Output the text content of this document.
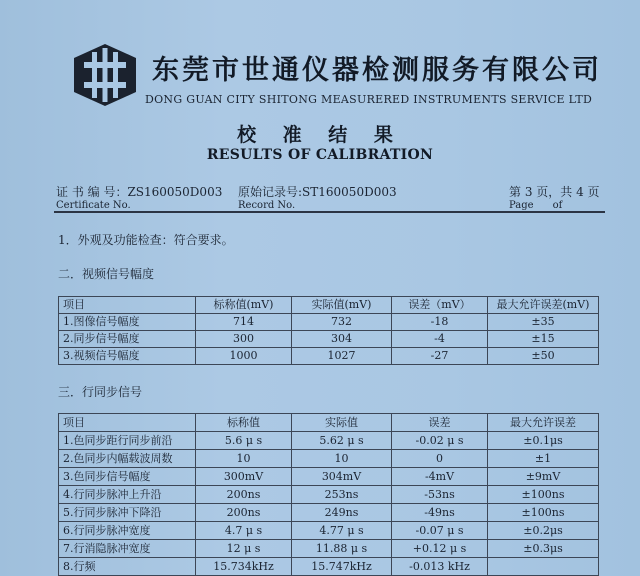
东莞市世通仪器检测服务有限公司
DONG GUAN CITY SHITONG MEASURERED INSTRUMENTS SERVICE LTD
校 准 结 果
RESULTS OF CALIBRATION
证 书 编 号：ZS160050D003
Certificate No.
原始记录号:ST160050D003
Record No.
第 3 页，共 4 页
Page      of
1．外观及功能检查：符合要求。
二．视频信号幅度
项目	标称值(mV)	实际值(mV)	误差（mV）	最大允许误差(mV)
1.图像信号幅度	714	732	-18	±35
2.同步信号幅度	300	304	-4	±15
3.视频信号幅度	1000	1027	-27	±50
三．行同步信号
项目	标称值	实际值	误差	最大允许误差
1.色同步距行同步前沿	5.6 μ s	5.62 μ s	-0.02 μ s	±0.1μs
2.色同步内幅载波周数	10	10	0	±1
3.色同步信号幅度	300mV	304mV	-4mV	±9mV
4.行同步脉冲上升沿	200ns	253ns	-53ns	±100ns
5.行同步脉冲下降沿	200ns	249ns	-49ns	±100ns
6.行同步脉冲宽度	4.7 μ s	4.77 μ s	-0.07 μ s	±0.2μs
7.行消隐脉冲宽度	12 μ s	11.88 μ s	+0.12 μ s	±0.3μs
8.行频	15.734kHz	15.747kHz	-0.013 kHz	
